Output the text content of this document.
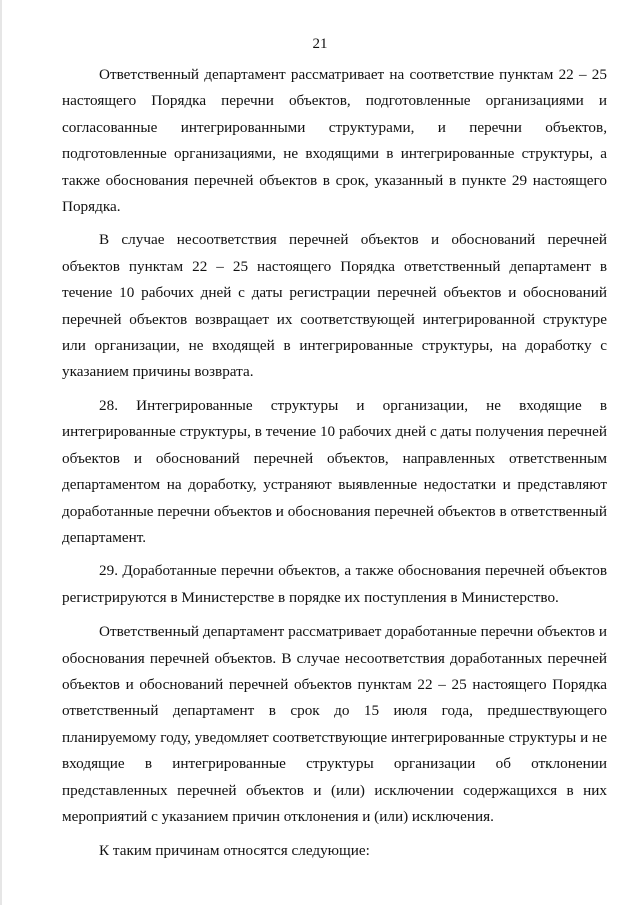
21

Ответственный департамент рассматривает на соответствие пунктам 22 – 25 настоящего Порядка перечни объектов, подготовленные организациями и согласованные интегрированными структурами, и перечни объектов, подготовленные организациями, не входящими в интегрированные структуры, а также обоснования перечней объектов в срок, указанный в пункте 29 настоящего Порядка.

В случае несоответствия перечней объектов и обоснований перечней объектов пунктам 22 – 25 настоящего Порядка ответственный департамент в течение 10 рабочих дней с даты регистрации перечней объектов и обоснований перечней объектов возвращает их соответствующей интегрированной структуре или организации, не входящей в интегрированные структуры, на доработку с указанием причины возврата.

28. Интегрированные структуры и организации, не входящие в интегрированные структуры, в течение 10 рабочих дней с даты получения перечней объектов и обоснований перечней объектов, направленных ответственным департаментом на доработку, устраняют выявленные недостатки и представляют доработанные перечни объектов и обоснования перечней объектов в ответственный департамент.

29. Доработанные перечни объектов, а также обоснования перечней объектов регистрируются в Министерстве в порядке их поступления в Министерство.

Ответственный департамент рассматривает доработанные перечни объектов и обоснования перечней объектов. В случае несоответствия доработанных перечней объектов и обоснований перечней объектов пунктам 22 – 25 настоящего Порядка ответственный департамент в срок до 15 июля года, предшествующего планируемому году, уведомляет соответствующие интегрированные структуры и не входящие в интегрированные структуры организации об отклонении представленных перечней объектов и (или) исключении содержащихся в них мероприятий с указанием причин отклонения и (или) исключения.

К таким причинам относятся следующие:
